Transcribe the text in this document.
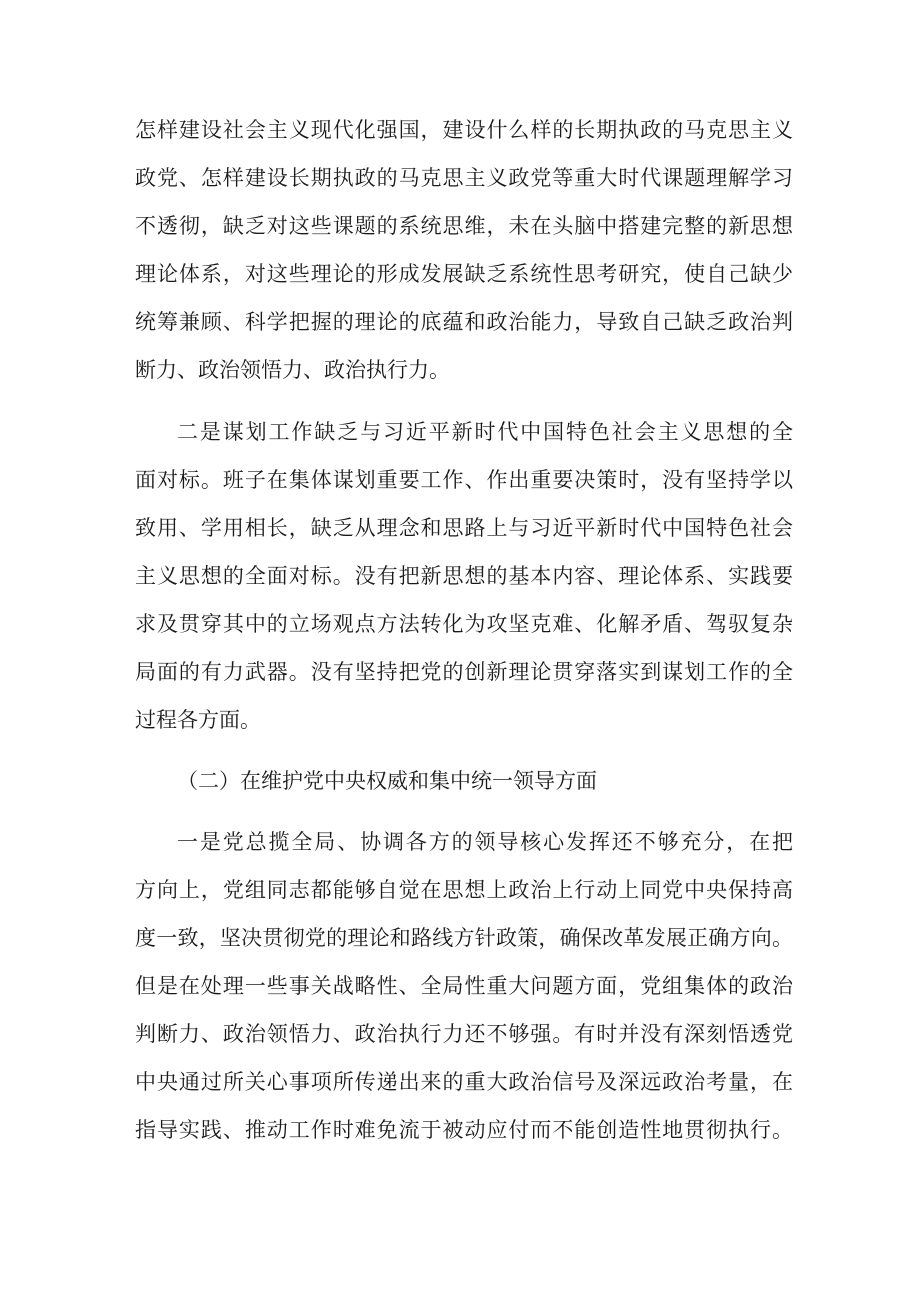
怎样建设社会主义现代化强国，建设什么样的长期执政的马克思主义
政党、怎样建设长期执政的马克思主义政党等重大时代课题理解学习
不透彻，缺乏对这些课题的系统思维，未在头脑中搭建完整的新思想
理论体系，对这些理论的形成发展缺乏系统性思考研究，使自己缺少
统筹兼顾、科学把握的理论的底蕴和政治能力，导致自己缺乏政治判
断力、政治领悟力、政治执行力。
二是谋划工作缺乏与习近平新时代中国特色社会主义思想的全
面对标。班子在集体谋划重要工作、作出重要决策时，没有坚持学以
致用、学用相长，缺乏从理念和思路上与习近平新时代中国特色社会
主义思想的全面对标。没有把新思想的基本内容、理论体系、实践要
求及贯穿其中的立场观点方法转化为攻坚克难、化解矛盾、驾驭复杂
局面的有力武器。没有坚持把党的创新理论贯穿落实到谋划工作的全
过程各方面。
（二）在维护党中央权威和集中统一领导方面
一是党总揽全局、协调各方的领导核心发挥还不够充分，在把
方向上，党组同志都能够自觉在思想上政治上行动上同党中央保持高
度一致，坚决贯彻党的理论和路线方针政策，确保改革发展正确方向。
但是在处理一些事关战略性、全局性重大问题方面，党组集体的政治
判断力、政治领悟力、政治执行力还不够强。有时并没有深刻悟透党
中央通过所关心事项所传递出来的重大政治信号及深远政治考量，在
指导实践、推动工作时难免流于被动应付而不能创造性地贯彻执行。
